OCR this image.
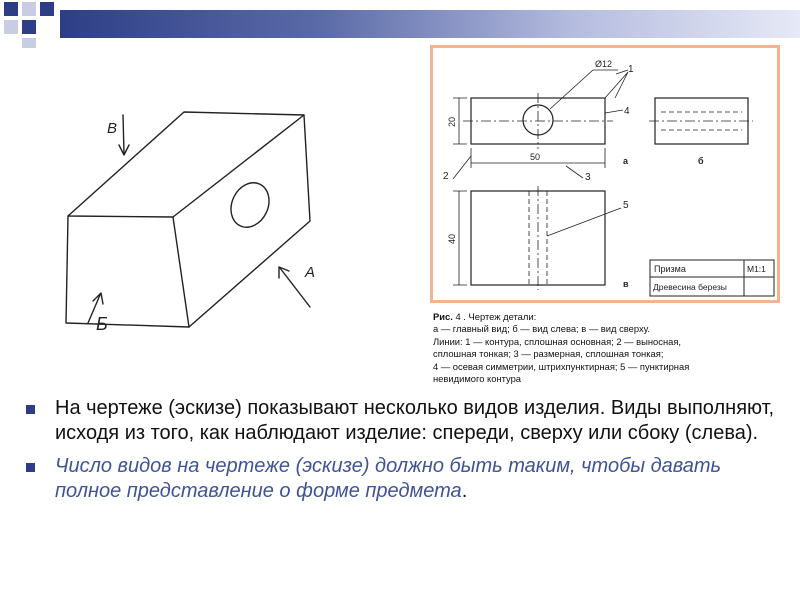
В
А
Б
Ø12
50
20
40
а	б
в
1
2	3
4
5
Призма
Древесина березы
М1:1
Рис. 4 . Чертеж детали:
а — главный вид; б — вид слева; в — вид сверху.
Линии: 1 — контура, сплошная основная; 2 — выносная,
сплошная тонкая; 3 — размерная, сплошная тонкая;
4 — осевая симметрии, штрихпунктирная; 5 — пунктирная
невидимого контура
На чертеже (эскизе) показывают несколько видов изделия. Виды выполняют, исходя из того, как наблюдают изделие: спереди, сверху или сбоку (слева).
Число видов на чертеже (эскизе) должно быть таким, чтобы давать полное представление о форме предмета.
